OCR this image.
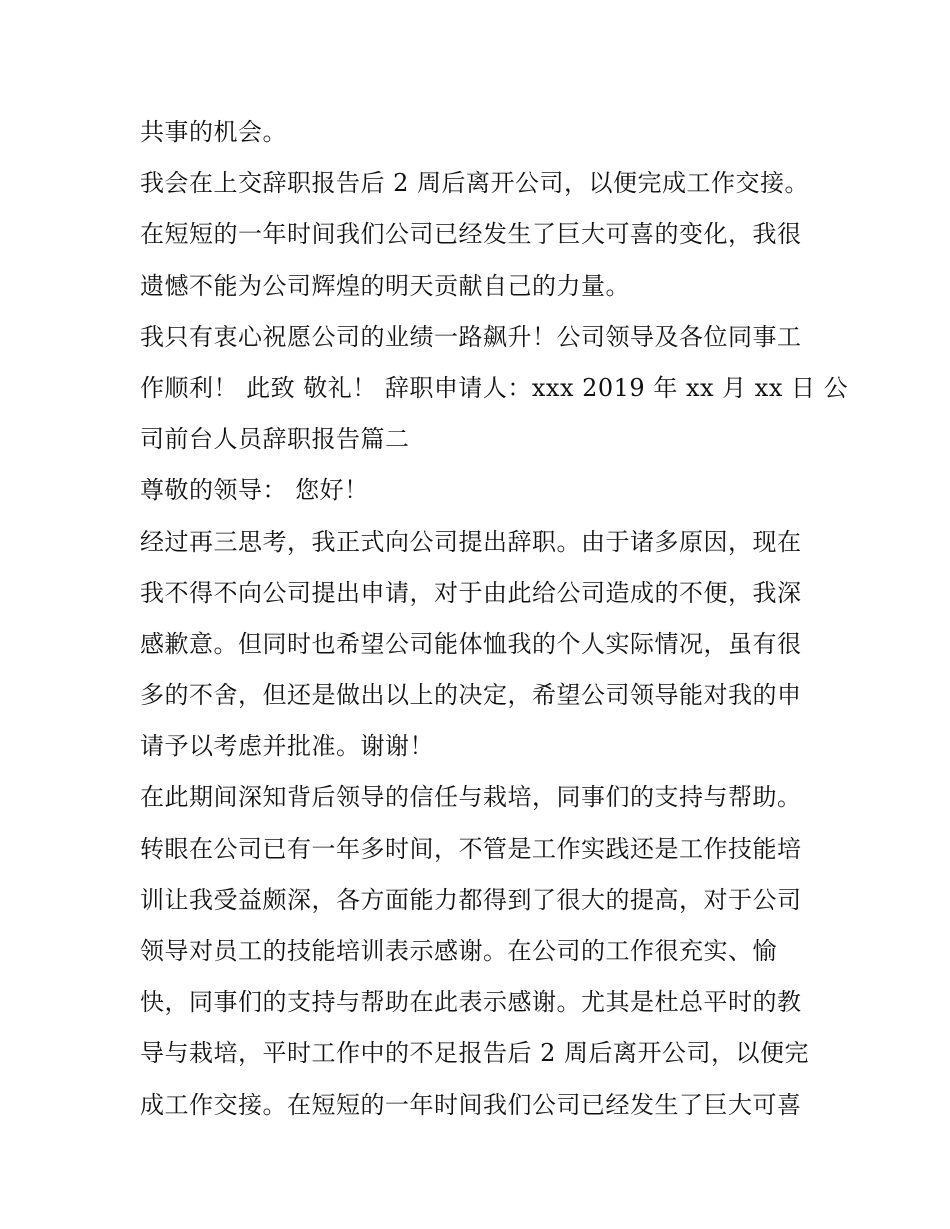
共事的机会。
我会在上交辞职报告后 2 周后离开公司，以便完成工作交接。
在短短的一年时间我们公司已经发生了巨大可喜的变化，我很
遗憾不能为公司辉煌的明天贡献自己的力量。
我只有衷心祝愿公司的业绩一路飙升！公司领导及各位同事工
作顺利！ 此致 敬礼！ 辞职申请人：xxx 2019 年 xx 月 xx 日 公
司前台人员辞职报告篇二
尊敬的领导： 您好！
经过再三思考，我正式向公司提出辞职。由于诸多原因，现在
我不得不向公司提出申请，对于由此给公司造成的不便，我深
感歉意。但同时也希望公司能体恤我的个人实际情况，虽有很
多的不舍，但还是做出以上的决定，希望公司领导能对我的申
请予以考虑并批准。谢谢！
在此期间深知背后领导的信任与栽培，同事们的支持与帮助。
转眼在公司已有一年多时间，不管是工作实践还是工作技能培
训让我受益颇深，各方面能力都得到了很大的提高，对于公司
领导对员工的技能培训表示感谢。在公司的工作很充实、愉
快，同事们的支持与帮助在此表示感谢。尤其是杜总平时的教
导与栽培，平时工作中的不足报告后 2 周后离开公司，以便完
成工作交接。在短短的一年时间我们公司已经发生了巨大可喜
